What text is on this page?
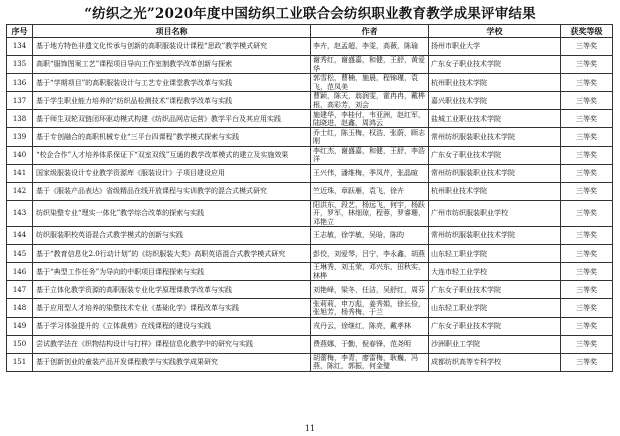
“纺织之光”2020年度中国纺织工业联合会纺织职业教育教学成果评审结果
序号	项目名称	作者	学校	获奖等级
134	基于地方特色非遗文化传承与创新的高职服装设计课程“思政”教学模式研究	李卉，赵孟超，李雯，高薇，陈瑜	扬州市职业大学	三等奖
135	高职“服饰图案工艺”课程项目导向工作室制教学改革创新与探索	谢秀红，谢盛嘉，和健，王舒，黄爱华	广东女子职业技术学院	三等奖
136	基于“学期项目”的高职服装设计与工艺专业课堂教学改革与实践	郭雪松，曹楠，施晨，程锦瑾，袁飞，范凤美	杭州职业技术学院	三等奖
137	基于学生职业能力培养的“纺织品检测技术”课程教学改革与实践	曹颖，陈天，翁润雯，霍冉冉，戴桦根，高彩芳，刘会	嘉兴职业技术学院	三等奖
138	基于师生双轮双链闭环驱动模式构建《纺织品网店运营》教学平台及其应用实践	施建华，李桂付，韦亚洲，赵红军，陆晓进，赵鑫，周鸿云	盐城工业职业技术学院	三等奖
139	基于专创融合的高职机械专业“三平台四课程”教学模式探索与实践	乔士红，陈玉梅，权浩，张蔚，顾志刚	常州纺织服装职业技术学院	三等奖
140	“校企合作”人才培养体系保证下“双室双线”互通的教学改革模式的建立及实施效果	李红杰，谢盛嘉，和健，王舒，李浩洋	广东女子职业技术学院	三等奖
141	国家级服装设计专业教学资源库《服装设计》子项目建设应用	王兴伟，潘维梅，季凤芹，张晶暄	常州纺织服装职业技术学院	三等奖
142	基于《服装产品表达》省级精品在线开放课程与实训教学的混合式模式研究	竺近珠，章跃雁，袁飞，徐卉	杭州职业技术学院	三等奖
143	纺织染整专业“理实一体化”教学综合改革的探索与实践	阳洪东，段艺，杨远飞，何宇，杨跃开，罗军，林细琼，程蓉，罗睿珊，邓艳立	广州市纺织服装职业学校	三等奖
144	纺织服装职校英语混合式教学模式的创新与实践	王志敏，徐学敏，吴晗，陈昀	常州纺织服装职业技术学院	三等奖
145	基于“教育信息化2.0行动计划”的《纺织服装大类》高职英语混合式教学模式研究	彭佼，刘爱琴，吕宁，李永鑫，胡燕	山东轻工职业学院	三等奖
146	基于“典型工作任务”为导向的中职项目课程探索与实践	王琳秀，刘玉荣，邓兴东，田秋实，林桦	大连市轻工业学校	三等奖
147	基于立体化教学资源的高职服装专业化学原理课教学改革与实践	刘艳峰，梁冬，任洁，吴舒红，周芬	广东女子职业技术学院	三等奖
148	基于应用型人才培养的染整技术专业《基础化学》课程改革与实践	张莉莉，申万彪，姜秀娟，徐长俭，张旭芳，杨秀梅，于兰	山东轻工职业学院	三等奖
149	基于学习体验提升的《立体裁剪》在线课程的建设与实践	戎丹云，徐继红，陈亮，戴孝林	广东女子职业技术学院	三等奖
150	尝试教学法在《织物结构设计与打样》课程信息化教学中的研究与实践	费燕娜，于勤，倪春锋，范尧明	沙洲职业工学院	三等奖
151	基于创新创业的童装产品开发课程教学与实践教学成果研究	胡蕾梅，李青，廖雷梅，耿巍，冯燕，陈红，郭振，何金璧	成都纺织高等专科学校	三等奖
11
